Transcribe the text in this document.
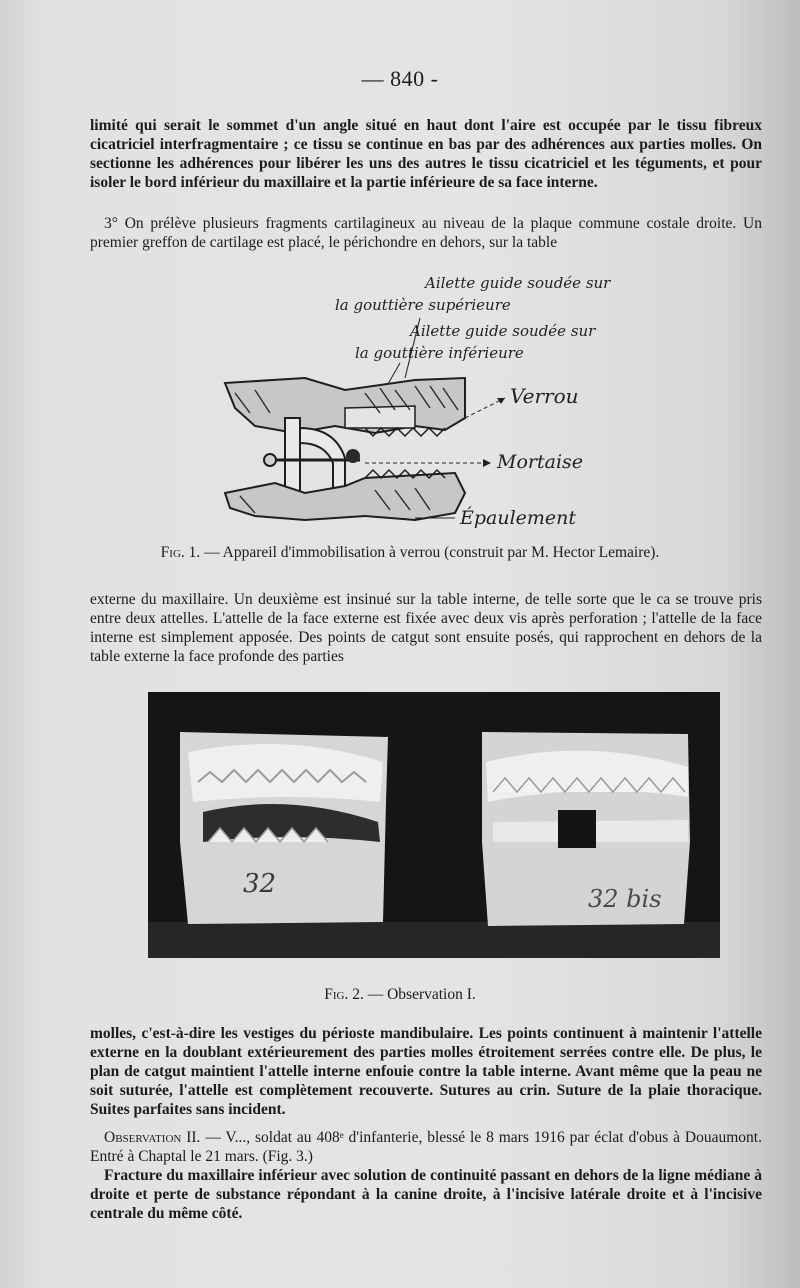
— 840 -

limité qui serait le sommet d'un angle situé en haut dont l'aire est occupée par le tissu fibreux cicatriciel interfragmentaire ; ce tissu se continue en bas par des adhérences aux parties molles. On sectionne les adhérences pour libérer les uns des autres le tissu cicatriciel et les téguments, et pour isoler le bord inférieur du maxillaire et la partie inférieure de sa face interne.

3° On prélève plusieurs fragments cartilagineux au niveau de la plaque commune costale droite. Un premier greffon de cartilage est placé, le périchondre en dehors, sur la table

Ailette guide soudée sur
la gouttière supérieure
Ailette guide soudée sur
la gouttière inférieure
Verrou
Mortaise
Épaulement
Fig. 1. — Appareil d'immobilisation à verrou (construit par M. Hector Lemaire).

externe du maxillaire. Un deuxième est insinué sur la table interne, de telle sorte que le ca se trouve pris entre deux attelles. L'attelle de la face externe est fixée avec deux vis après perforation ; l'attelle de la face interne est simplement apposée. Des points de catgut sont ensuite posés, qui rapprochent en dehors de la table externe la face profonde des parties

32	32 bis
Fig. 2. — Observation I.

molles, c'est-à-dire les vestiges du périoste mandibulaire. Les points continuent à maintenir l'attelle externe en la doublant extérieurement des parties molles étroitement serrées contre elle. De plus, le plan de catgut maintient l'attelle interne enfouie contre la table interne. Avant même que la peau ne soit suturée, l'attelle est complètement recouverte. Sutures au crin. Suture de la plaie thoracique. Suites parfaites sans incident.

Observation II. — V..., soldat au 408ᵉ d'infanterie, blessé le 8 mars 1916 par éclat d'obus à Douaumont. Entré à Chaptal le 21 mars. (Fig. 3.)

Fracture du maxillaire inférieur avec solution de continuité passant en dehors de la ligne médiane à droite et perte de substance répondant à la canine droite, à l'incisive latérale droite et à l'incisive centrale du même côté.
